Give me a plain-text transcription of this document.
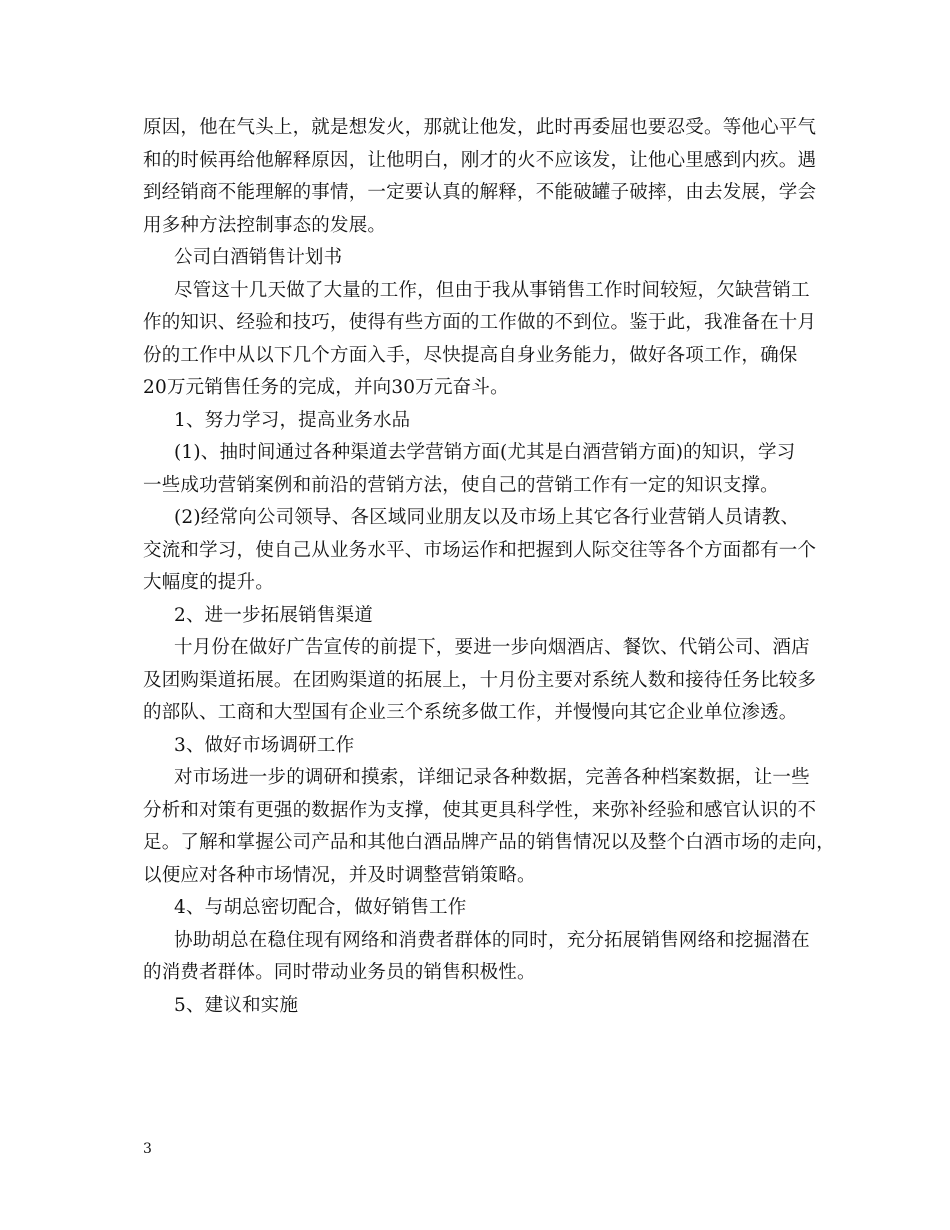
原因，他在气头上，就是想发火，那就让他发，此时再委屈也要忍受。等他心平气
和的时候再给他解释原因，让他明白，刚才的火不应该发，让他心里感到内疚。遇
到经销商不能理解的事情，一定要认真的解释，不能破罐子破摔，由去发展，学会
用多种方法控制事态的发展。
公司白酒销售计划书
尽管这十几天做了大量的工作，但由于我从事销售工作时间较短，欠缺营销工
作的知识、经验和技巧，使得有些方面的工作做的不到位。鉴于此，我准备在十月
份的工作中从以下几个方面入手，尽快提高自身业务能力，做好各项工作，确保
20万元销售任务的完成，并向30万元奋斗。
1、努力学习，提高业务水品
(1)、抽时间通过各种渠道去学营销方面(尤其是白酒营销方面)的知识，学习
一些成功营销案例和前沿的营销方法，使自己的营销工作有一定的知识支撑。
(2)经常向公司领导、各区域同业朋友以及市场上其它各行业营销人员请教、
交流和学习，使自己从业务水平、市场运作和把握到人际交往等各个方面都有一个
大幅度的提升。
2、进一步拓展销售渠道
十月份在做好广告宣传的前提下，要进一步向烟酒店、餐饮、代销公司、酒店
及团购渠道拓展。在团购渠道的拓展上，十月份主要对系统人数和接待任务比较多
的部队、工商和大型国有企业三个系统多做工作，并慢慢向其它企业单位渗透。
3、做好市场调研工作
对市场进一步的调研和摸索，详细记录各种数据，完善各种档案数据，让一些
分析和对策有更强的数据作为支撑，使其更具科学性，来弥补经验和感官认识的不
足。了解和掌握公司产品和其他白酒品牌产品的销售情况以及整个白酒市场的走向，
以便应对各种市场情况，并及时调整营销策略。
4、与胡总密切配合，做好销售工作
协助胡总在稳住现有网络和消费者群体的同时，充分拓展销售网络和挖掘潜在
的消费者群体。同时带动业务员的销售积极性。
5、建议和实施
3
